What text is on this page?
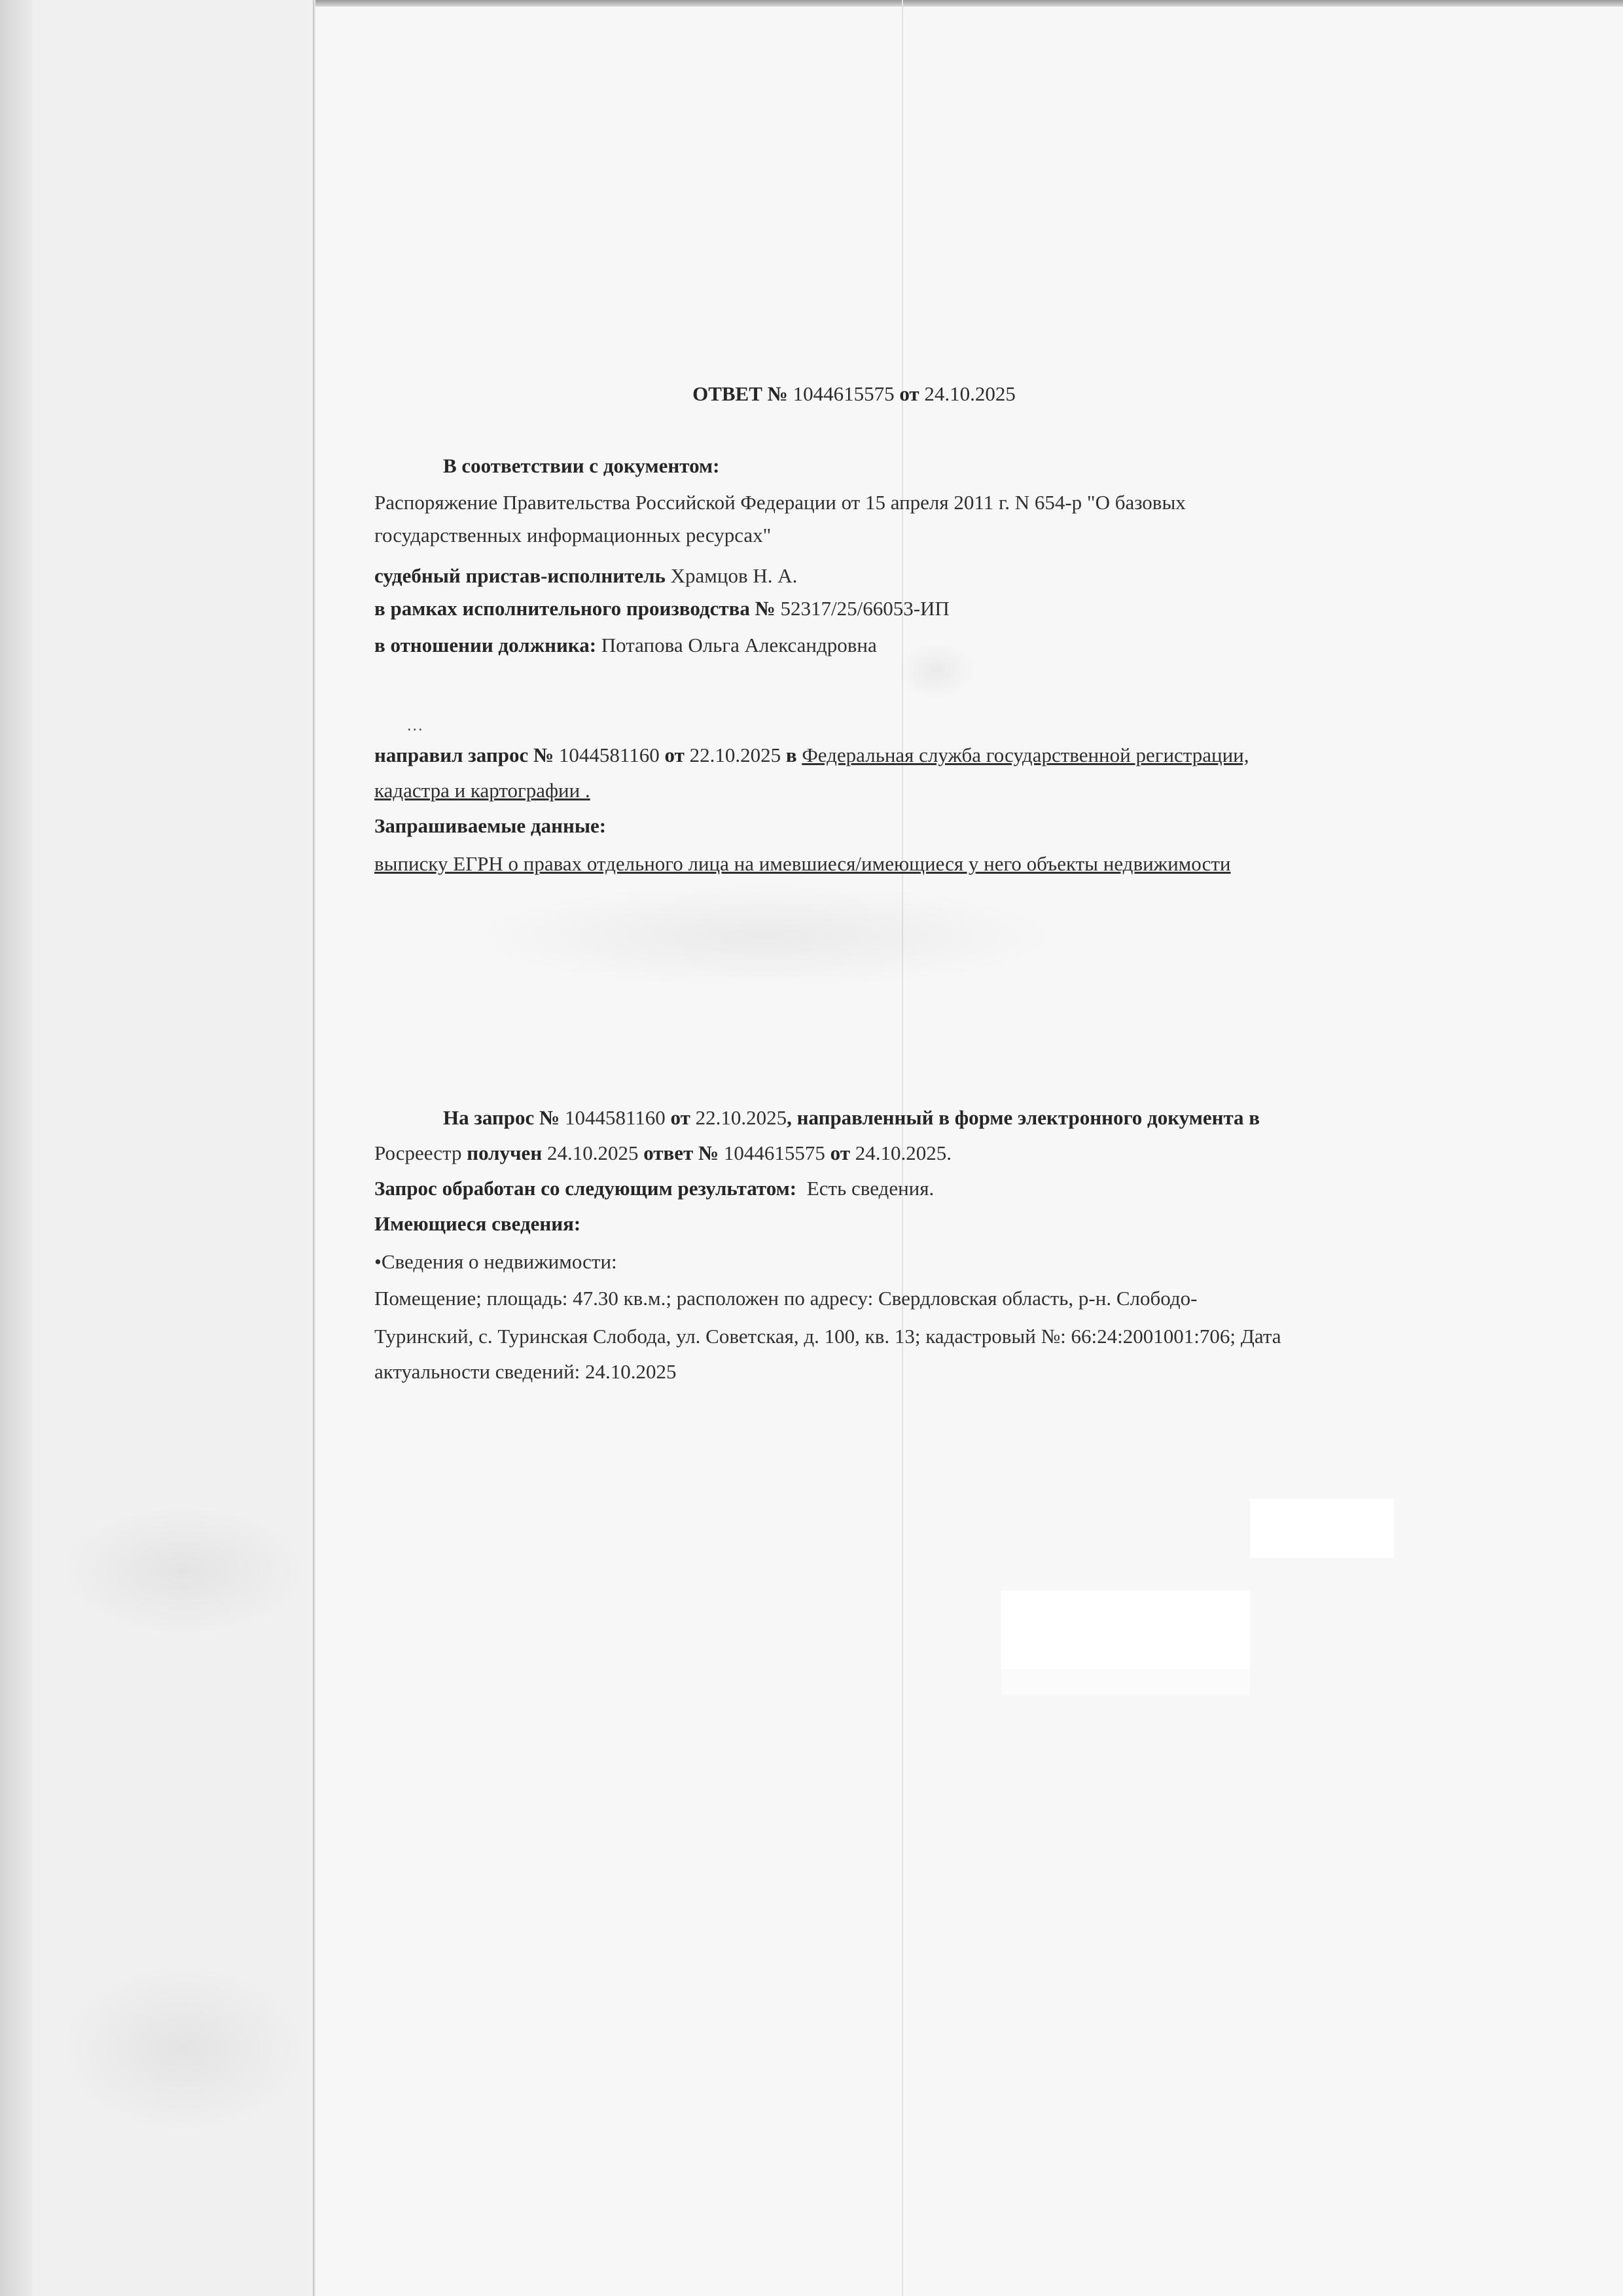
ОТВЕТ № 1044615575 от 24.10.2025
В соответствии с документом:
Распоряжение Правительства Российской Федерации от 15 апреля 2011 г. N 654-р "О базовых
государственных информационных ресурсах"
судебный пристав-исполнитель Храмцов Н. А.
в рамках исполнительного производства № 52317/25/66053-ИП
в отношении должника: Потапова Ольга Александровна
...
направил запрос № 1044581160 от 22.10.2025 в Федеральная служба государственной регистрации,
кадастра и картографии .
Запрашиваемые данные:
выписку ЕГРН о правах отдельного лица на имевшиеся/имеющиеся у него объекты недвижимости
На запрос № 1044581160 от 22.10.2025, направленный в форме электронного документа в
Росреестр получен 24.10.2025 ответ № 1044615575 от 24.10.2025.
Запрос обработан со следующим результатом: Есть сведения.
Имеющиеся сведения:
•Сведения о недвижимости:
Помещение; площадь: 47.30 кв.м.; расположен по адресу: Свердловская область, р-н. Слободо-
Туринский, с. Туринская Слобода, ул. Советская, д. 100, кв. 13; кадастровый №: 66:24:2001001:706; Дата
актуальности сведений: 24.10.2025
